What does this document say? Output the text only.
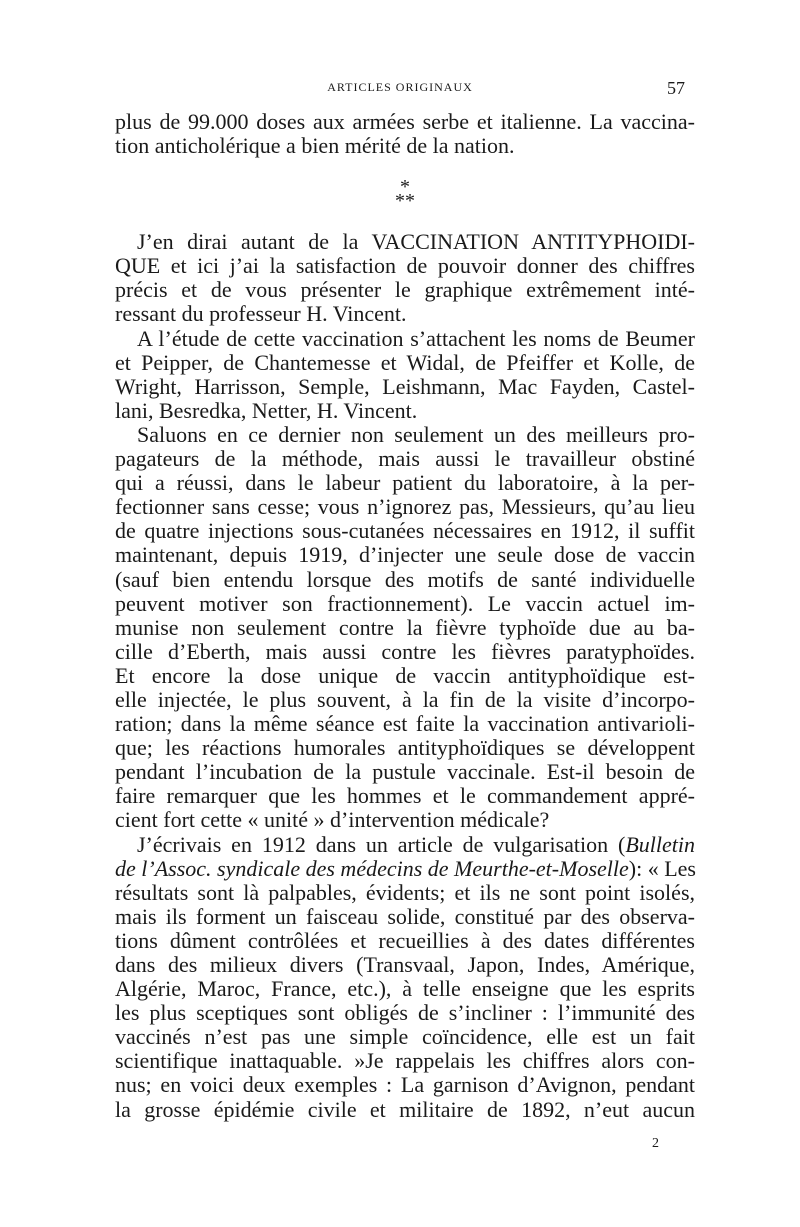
ARTICLES ORIGINAUX	57
plus de 99.000 doses aux armées serbe et italienne. La vaccina-
tion anticholérique a bien mérité de la nation.
*
**
J’en dirai autant de la VACCINATION ANTITYPHOIDI-
QUE et ici j’ai la satisfaction de pouvoir donner des chiffres
précis et de vous présenter le graphique extrêmement inté-
ressant du professeur H. Vincent.
A l’étude de cette vaccination s’attachent les noms de Beumer
et Peipper, de Chantemesse et Widal, de Pfeiffer et Kolle, de
Wright, Harrisson, Semple, Leishmann, Mac Fayden, Castel-
lani, Besredka, Netter, H. Vincent.
Saluons en ce dernier non seulement un des meilleurs pro-
pagateurs de la méthode, mais aussi le travailleur obstiné
qui a réussi, dans le labeur patient du laboratoire, à la per-
fectionner sans cesse; vous n’ignorez pas, Messieurs, qu’au lieu
de quatre injections sous-cutanées nécessaires en 1912, il suffit
maintenant, depuis 1919, d’injecter une seule dose de vaccin
(sauf bien entendu lorsque des motifs de santé individuelle
peuvent motiver son fractionnement). Le vaccin actuel im-
munise non seulement contre la fièvre typhoïde due au ba-
cille d’Eberth, mais aussi contre les fièvres paratyphoïdes.
Et encore la dose unique de vaccin antityphoïdique est-
elle injectée, le plus souvent, à la fin de la visite d’incorpo-
ration; dans la même séance est faite la vaccination antivarioli-
que; les réactions humorales antityphoïdiques se développent
pendant l’incubation de la pustule vaccinale. Est-il besoin de
faire remarquer que les hommes et le commandement appré-
cient fort cette « unité » d’intervention médicale?
J’écrivais en 1912 dans un article de vulgarisation (Bulletin
de l’Assoc. syndicale des médecins de Meurthe-et-Moselle): « Les
résultats sont là palpables, évidents; et ils ne sont point isolés,
mais ils forment un faisceau solide, constitué par des observa-
tions dûment contrôlées et recueillies à des dates différentes
dans des milieux divers (Transvaal, Japon, Indes, Amérique,
Algérie, Maroc, France, etc.), à telle enseigne que les esprits
les plus sceptiques sont obligés de s’incliner : l’immunité des
vaccinés n’est pas une simple coïncidence, elle est un fait
scientifique inattaquable. »Je rappelais les chiffres alors con-
nus; en voici deux exemples : La garnison d’Avignon, pendant
la grosse épidémie civile et militaire de 1892, n’eut aucun
2
